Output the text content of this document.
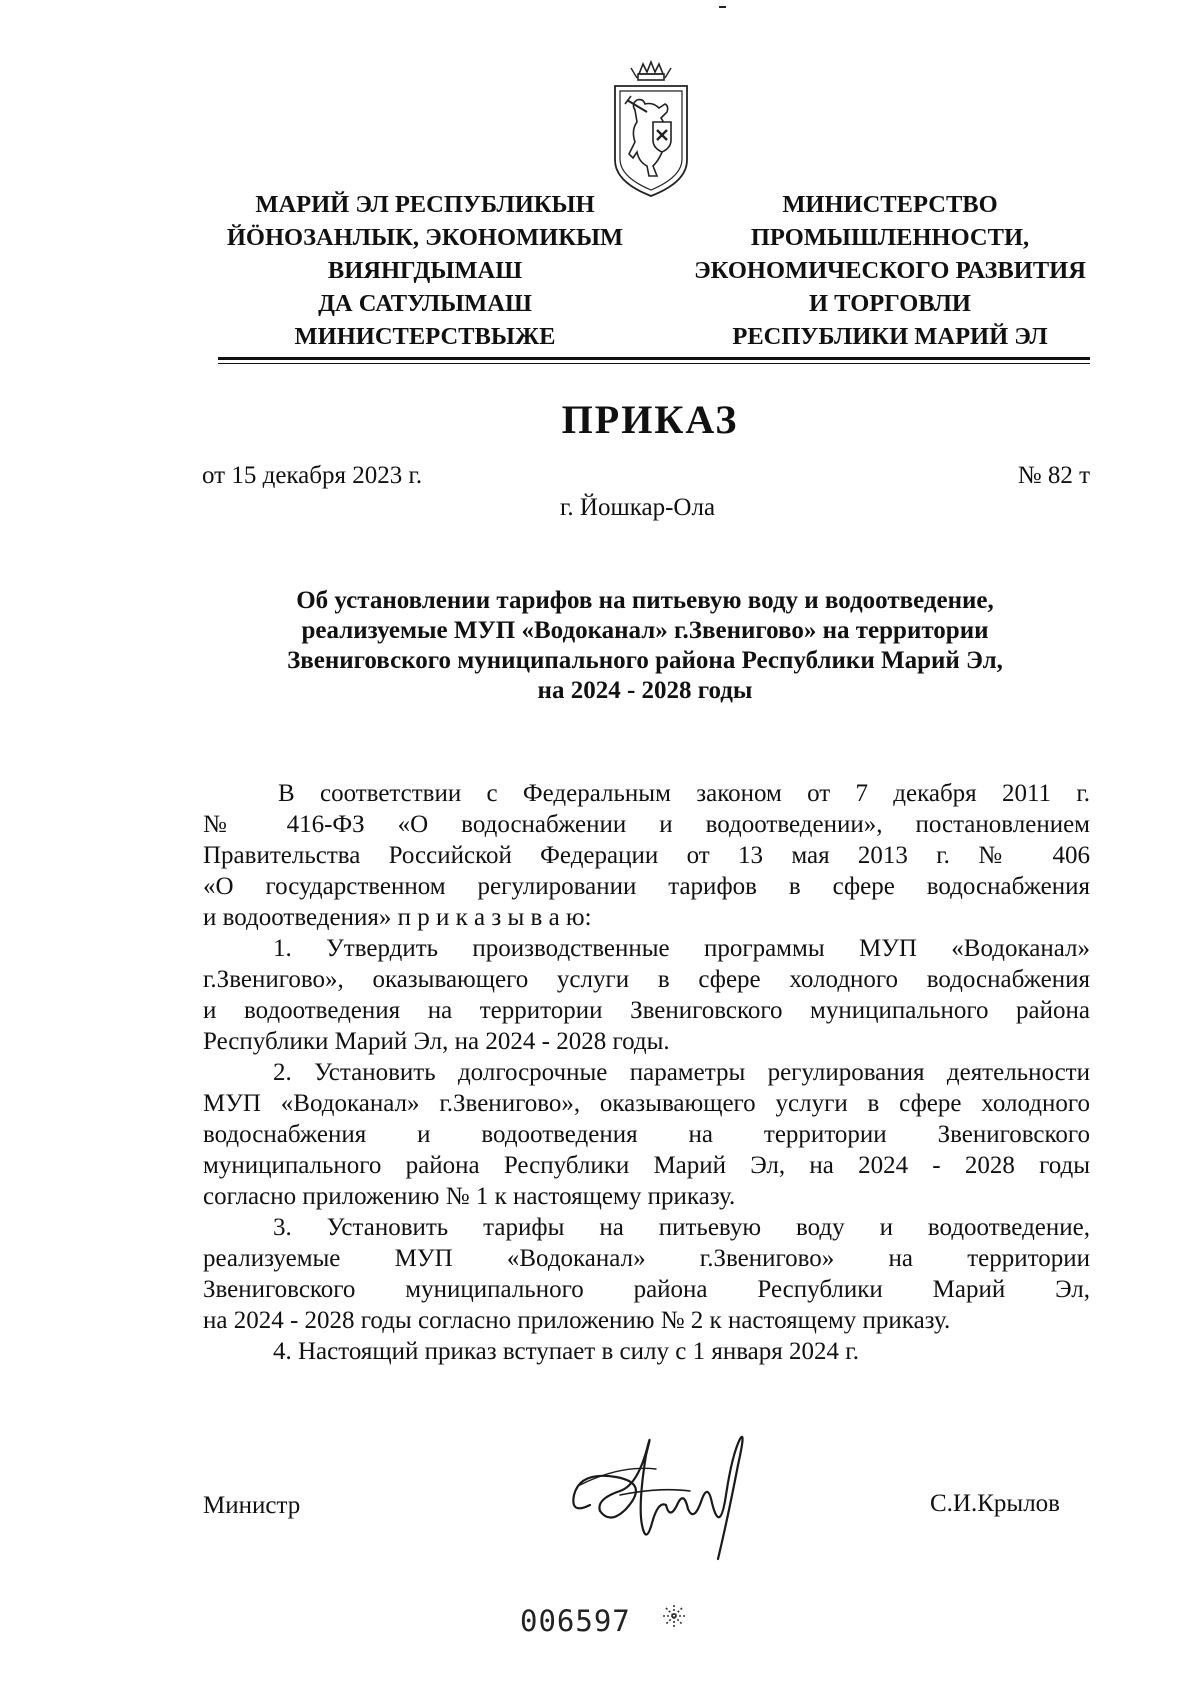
МАРИЙ ЭЛ РЕСПУБЛИКЫН
ЙӦНОЗАНЛЫК, ЭКОНОМИКЫМ
ВИЯНГДЫМАШ
ДА САТУЛЫМАШ
МИНИСТЕРСТВЫЖЕ
МИНИСТЕРСТВО
ПРОМЫШЛЕННОСТИ,
ЭКОНОМИЧЕСКОГО РАЗВИТИЯ
И ТОРГОВЛИ
РЕСПУБЛИКИ МАРИЙ ЭЛ
ПРИКАЗ
от 15 декабря 2023 г.	№ 82 т
г. Йошкар-Ола
Об установлении тарифов на питьевую воду и водоотведение,
реализуемые МУП «Водоканал» г.Звенигово» на территории
Звениговского муниципального района Республики Марий Эл,
на 2024 - 2028 годы
В соответствии с Федеральным законом от 7 декабря 2011 г.
№ 416-ФЗ «О водоснабжении и водоотведении», постановлением
Правительства Российской Федерации от 13 мая 2013 г. № 406
«О государственном регулировании тарифов в сфере водоснабжения
и водоотведения» п р и к а з ы в а ю:
1. Утвердить производственные программы МУП «Водоканал»
г.Звенигово», оказывающего услуги в сфере холодного водоснабжения
и водоотведения на территории Звениговского муниципального района
Республики Марий Эл, на 2024 - 2028 годы.
2. Установить долгосрочные параметры регулирования деятельности
МУП «Водоканал» г.Звенигово», оказывающего услуги в сфере холодного
водоснабжения и водоотведения на территории Звениговского
муниципального района Республики Марий Эл, на 2024 - 2028 годы
согласно приложению № 1 к настоящему приказу.
3. Установить тарифы на питьевую воду и водоотведение,
реализуемые МУП «Водоканал» г.Звенигово» на территории
Звениговского муниципального района Республики Марий Эл,
на 2024 - 2028 годы согласно приложению № 2 к настоящему приказу.
4. Настоящий приказ вступает в силу с 1 января 2024 г.
Министр	С.И.Крылов
006597
